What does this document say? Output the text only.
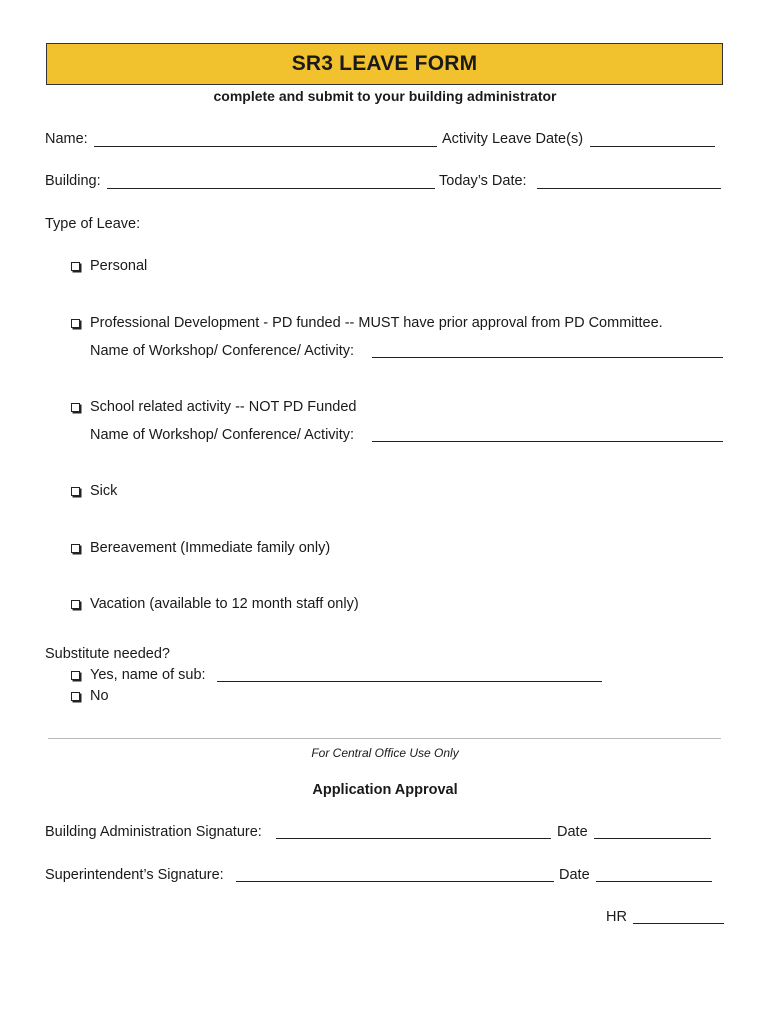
SR3 LEAVE FORM
complete and submit to your building administrator
Name:	Activity Leave Date(s)
Building:	Today’s Date:
Type of Leave:
Personal
Professional Development - PD funded -- MUST have prior approval from PD Committee.
Name of Workshop/ Conference/ Activity:
School related activity -- NOT PD Funded
Name of Workshop/ Conference/ Activity:
Sick
Bereavement (Immediate family only)
Vacation (available to 12 month staff only)
Substitute needed?
Yes, name of sub:
No
For Central Office Use Only
Application Approval
Building Administration Signature:	Date
Superintendent’s Signature:	Date
HR
